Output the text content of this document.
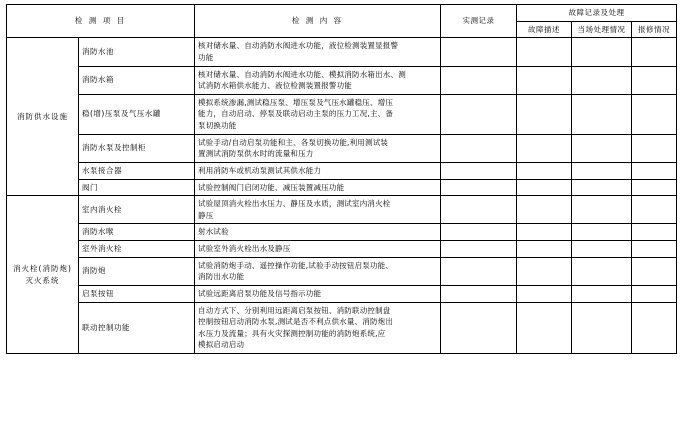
检 测 项 目		检 测 内 容	实测记录	故障记录及处理		
				故障描述	当场处理情况	报修情况

消防供水设施	消防水池	核对储水量、自动消防水阀进水功能，液位检测装置显报警
功能				

	消防水箱	核对储水量、自动消防水阀进水功能、模拟消防水箱出水、测
试消防水箱供水能力、液位检测装置报警功能				

	稳(增)压泵及气压水罐	模拟系统渗漏,测试稳压泵、增压泵及气压水罐稳压、增压
能力，自动启动、停泵及联动启动主泵的压力工况,主、备
泵切换功能				

	消防水泵及控制柜	试验手动/自动启泵功能和主、各泵切换功能,利用测试装
置测试消防泵供水时的流量和压力				

	水泵接合器	利用消防车或机动泵测试其供水能力				

	阀门	试验控制阀门启闭功能、减压装置减压功能				

消火栓(消防炮)灭火系统	室内消火栓	试验屋顶消火栓出水压力、静压及水质，测试室内消火栓
静压				

	消防水喉	射水试验				

	室外消火栓	试验室外消火栓出水及静压				

	消防炮	试验消防炮手动、遥控操作功能,试验手动按钮启泵功能、
消防出水功能				

	启泵按钮	试验远距离启泵功能及信号指示功能				

	联动控制功能	自动方式下、分别利用远距离启泵按钮、消防联动控制盘
控制按钮启动消防水泵,测试是否不利点供水量、消防炮出
水压力及流量；具有火灾探测控制功能的消防炮系统,应
模拟启动启动				
